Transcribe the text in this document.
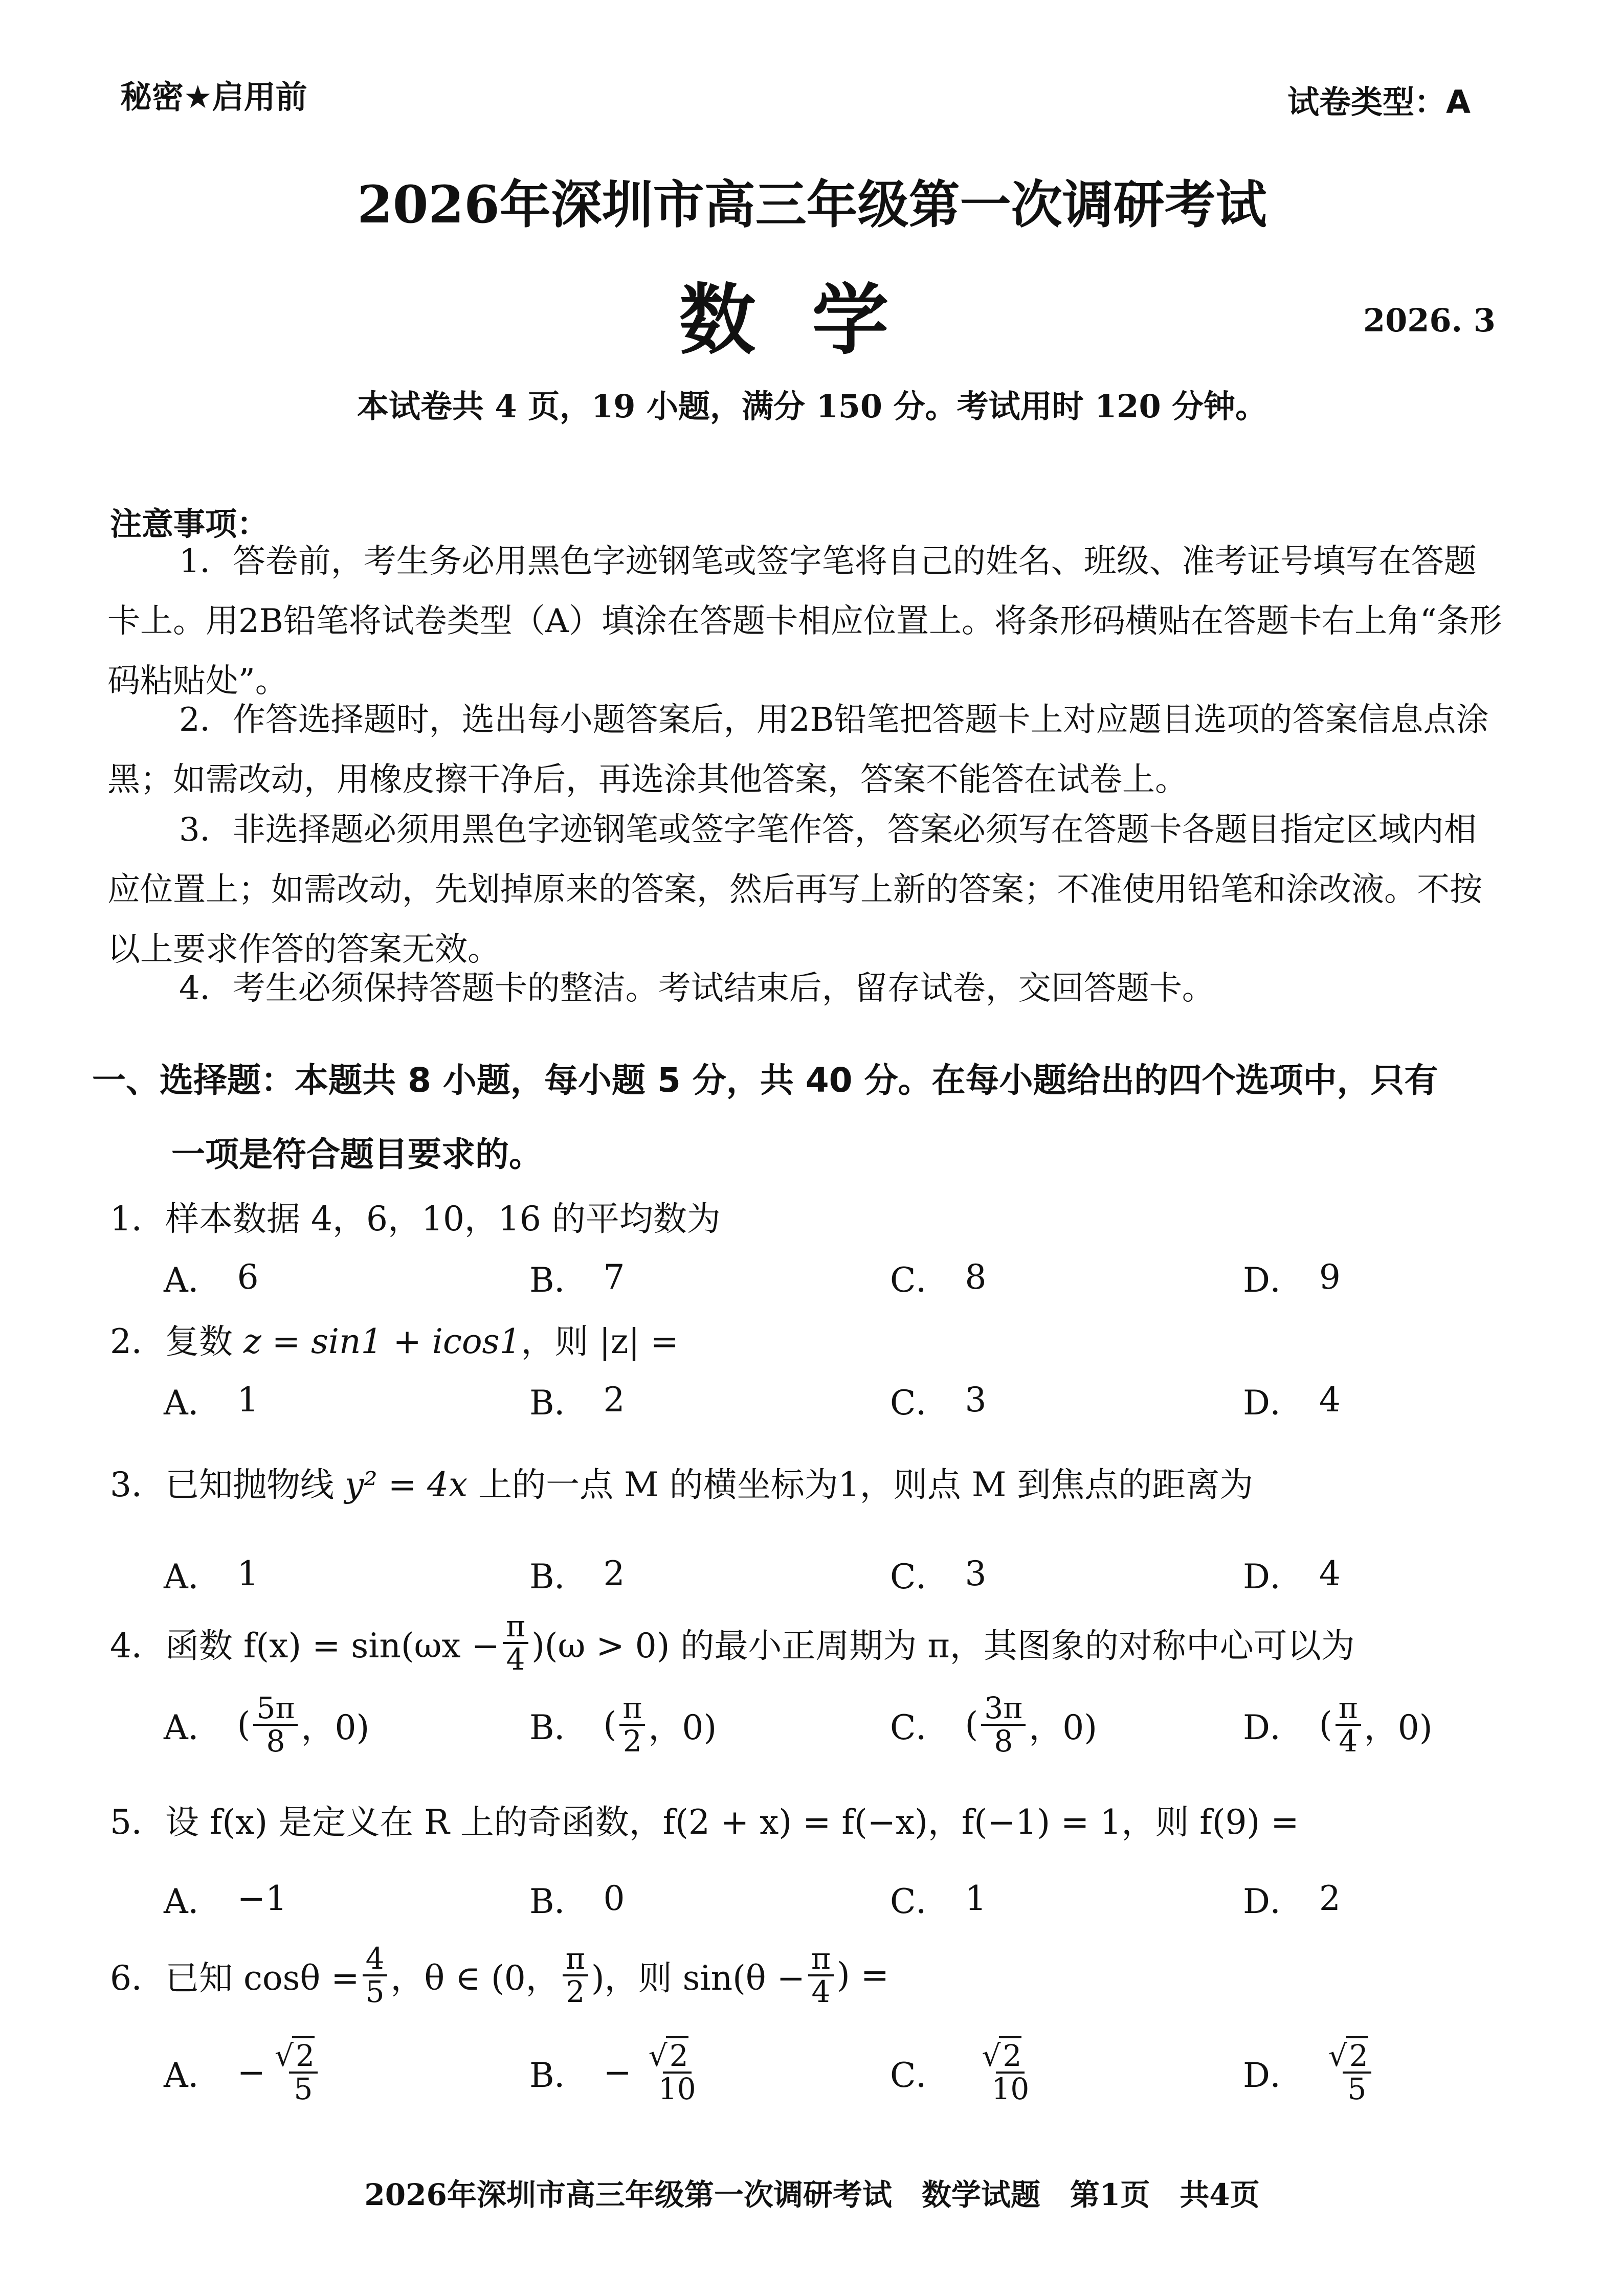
秘密★启用前	试卷类型：A
2026年深圳市高三年级第一次调研考试
数学	2026. 3
本试卷共 4 页，19 小题，满分 150 分。考试用时 120 分钟。
注意事项：
1．答卷前，考生务必用黑色字迹钢笔或签字笔将自己的姓名、班级、准考证号填写在答题卡上。用2B铅笔将试卷类型（A）填涂在答题卡相应位置上。将条形码横贴在答题卡右上角“条形码粘贴处”。
2．作答选择题时，选出每小题答案后，用2B铅笔把答题卡上对应题目选项的答案信息点涂黑；如需改动，用橡皮擦干净后，再选涂其他答案，答案不能答在试卷上。
3．非选择题必须用黑色字迹钢笔或签字笔作答，答案必须写在答题卡各题目指定区域内相应位置上；如需改动，先划掉原来的答案，然后再写上新的答案；不准使用铅笔和涂改液。不按以上要求作答的答案无效。
4．考生必须保持答题卡的整洁。考试结束后，留存试卷，交回答题卡。
一、选择题：本题共 8 小题，每小题 5 分，共 40 分。在每小题给出的四个选项中，只有
一项是符合题目要求的。
1．样本数据 4，6，10，16 的平均数为
A． 6	B． 7	C． 8	D． 9
2．复数 z = sin1 + icos1，则 |z| =
A． 1	B． 2	C． 3	D． 4
3．已知抛物线 y² = 4x 上的一点 M 的横坐标为1，则点 M 到焦点的距离为
A． 1	B． 2	C． 3	D． 4
4．函数 $f(x) = \sin(\omega x - \frac{\pi}{4} )(\omega > 0)$ 的最小正周期为 π，其图象的对称中心可以为
A． ( $\frac{5\pi}{8}$ ，0)	B． ( $\frac{\pi}{2}$ ，0)	C． ( $\frac{3\pi}{8}$ ，0)	D． ( $\frac{\pi}{4}$ ，0)
5．设 f(x) 是定义在 R 上的奇函数，f(2 + x) = f(−x)，f(−1) = 1，则 f(9) =
A． −1	B． 0	C． 1	D． 2
6．已知 $\cos\theta = \frac{4}{5}$ ，θ ∈ (0， $\frac{\pi}{2}$ )，则 $\sin(\theta - \frac{\pi}{4}$ ) =
A． − √ $\frac{2}{5}$	B． − √ $\frac{2}{10}$	C． √ $\frac{2}{10}$	D． √ $\frac{2}{5}$
2026年深圳市高三年级第一次调研考试　数学试题　第1页　共4页
